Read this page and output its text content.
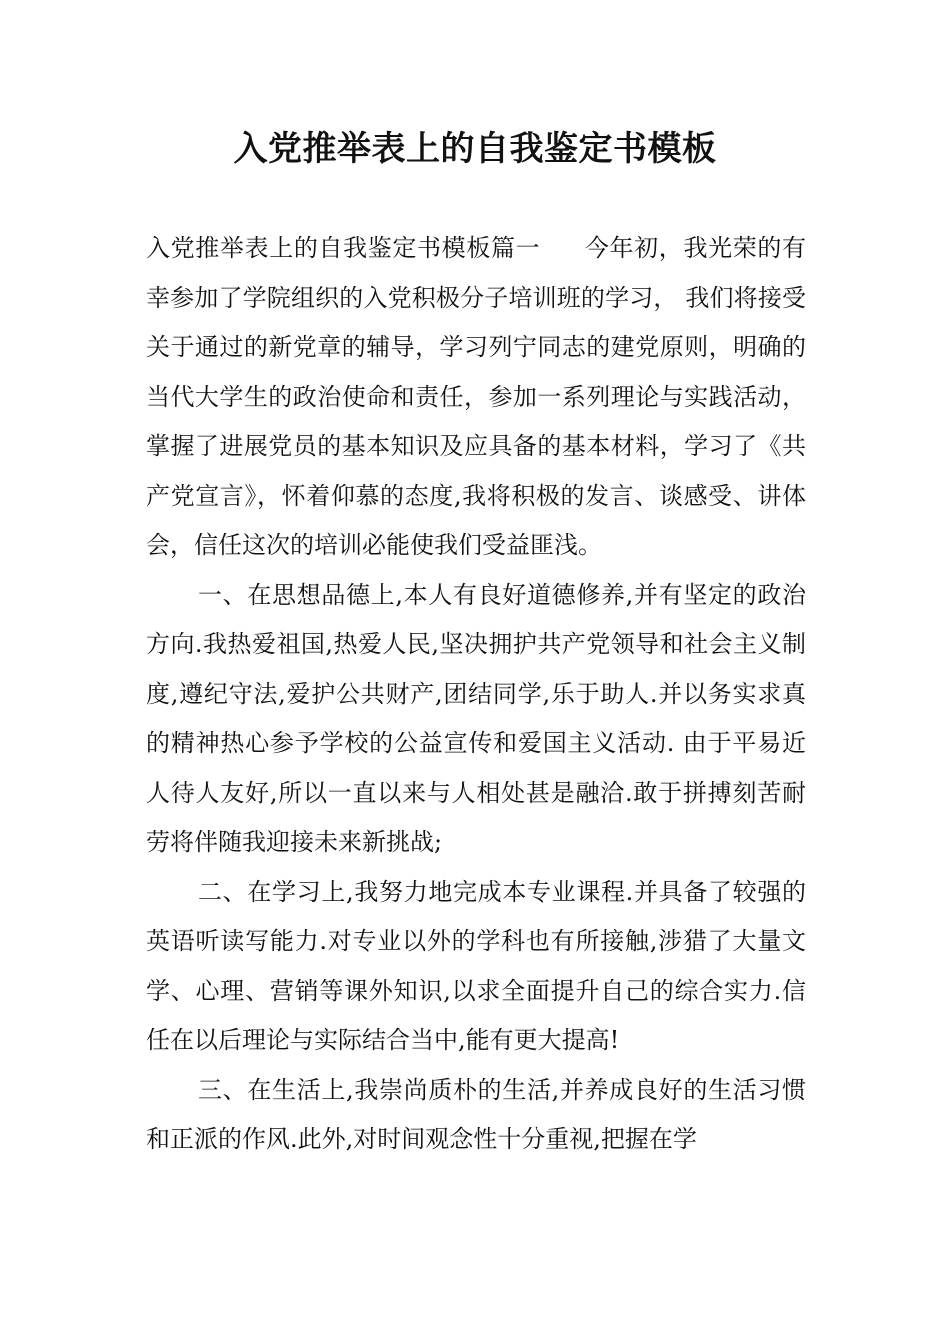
入党推举表上的自我鉴定书模板

入党推举表上的自我鉴定书模板篇一 今年初，我光荣的有幸参加了学院组织的入党积极分子培训班的学习， 我们将接受关于通过的新党章的辅导，学习列宁同志的建党原则，明确的当代大学生的政治使命和责任，参加一系列理论与实践活动，掌握了进展党员的基本知识及应具备的基本材料，学习了《共产党宣言》，怀着仰慕的态度,我将积极的发言、谈感受、讲体会，信任这次的培训必能使我们受益匪浅。

一、在思想品德上,本人有良好道德修养,并有坚定的政治方向.我热爱祖国,热爱人民,坚决拥护共产党领导和社会主义制度,遵纪守法,爱护公共财产,团结同学,乐于助人.并以务实求真的精神热心参予学校的公益宣传和爱国主义活动. 由于平易近人待人友好,所以一直以来与人相处甚是融洽.敢于拼搏刻苦耐劳将伴随我迎接未来新挑战;

二、在学习上,我努力地完成本专业课程.并具备了较强的英语听读写能力.对专业以外的学科也有所接触,涉猎了大量文学、心理、营销等课外知识,以求全面提升自己的综合实力.信任在以后理论与实际结合当中,能有更大提高!

三、在生活上,我崇尚质朴的生活,并养成良好的生活习惯和正派的作风.此外,对时间观念性十分重视,把握在学
